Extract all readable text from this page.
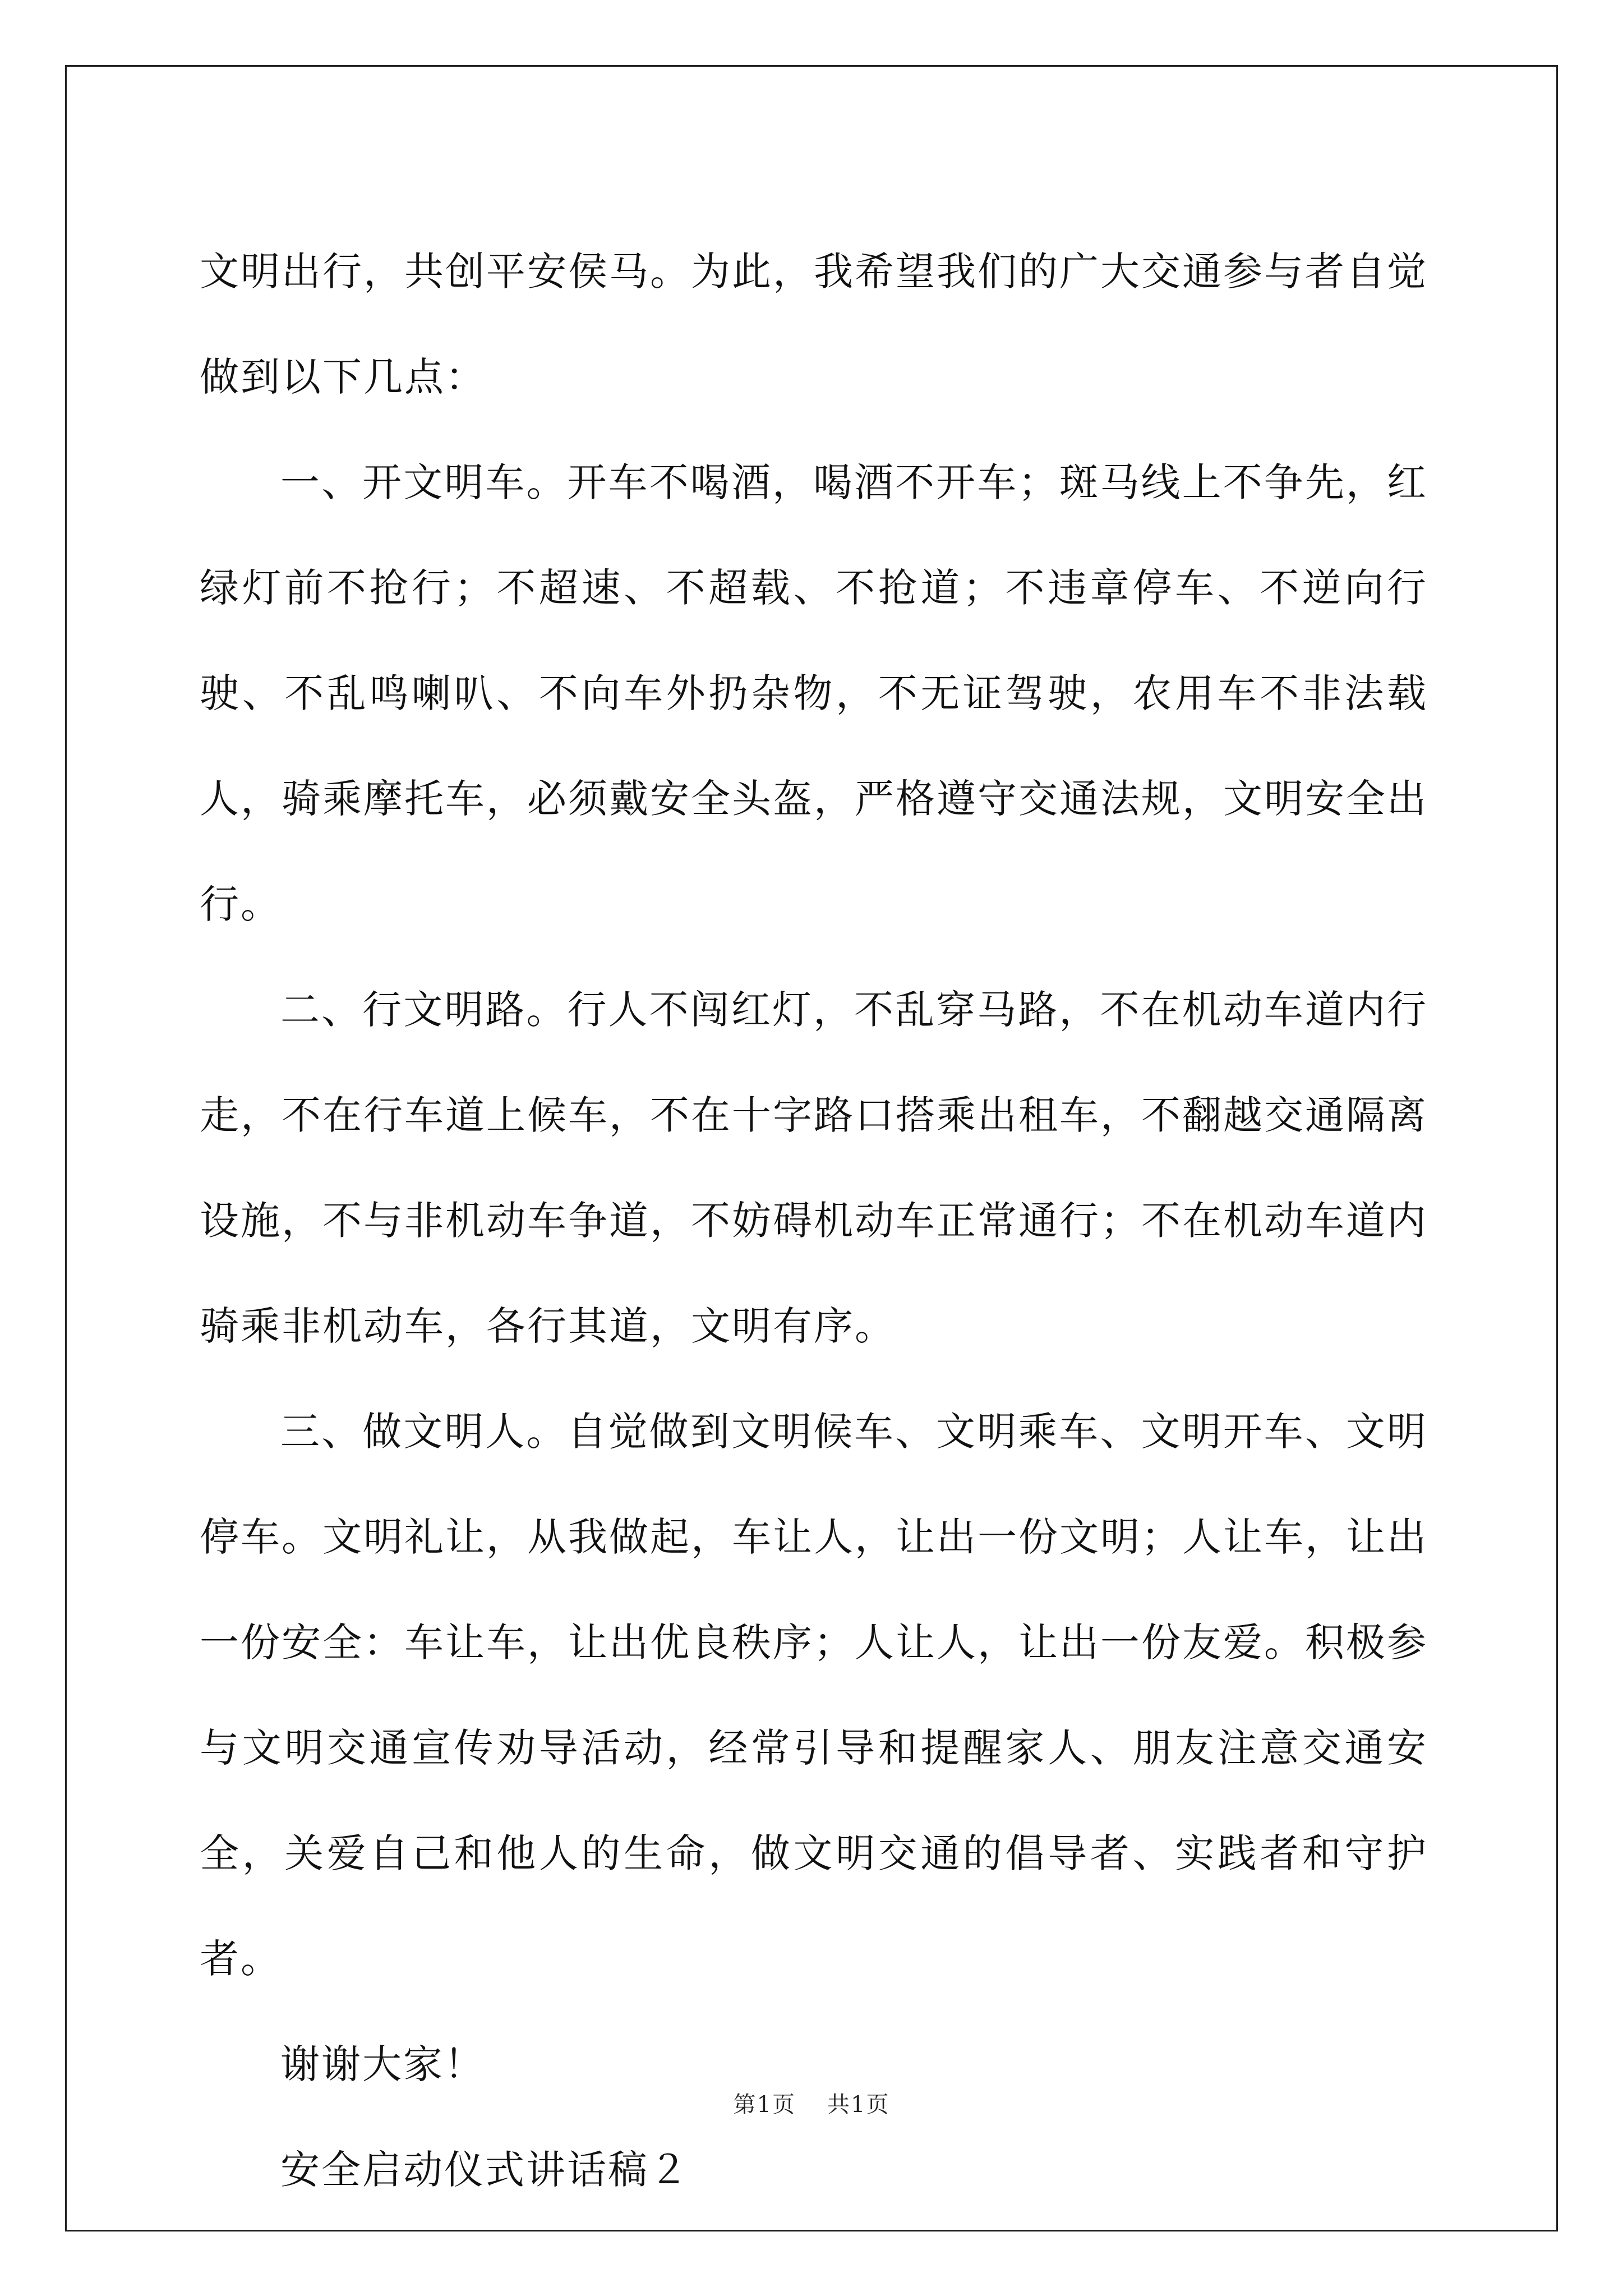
文明出行，共创平安侯马。为此，我希望我们的广大交通参与者自觉做到以下几点：

一、开文明车。开车不喝酒，喝酒不开车；斑马线上不争先，红绿灯前不抢行；不超速、不超载、不抢道；不违章停车、不逆向行驶、不乱鸣喇叭、不向车外扔杂物，不无证驾驶，农用车不非法载人，骑乘摩托车，必须戴安全头盔，严格遵守交通法规，文明安全出行。

二、行文明路。行人不闯红灯，不乱穿马路，不在机动车道内行走，不在行车道上候车，不在十字路口搭乘出租车，不翻越交通隔离设施，不与非机动车争道，不妨碍机动车正常通行；不在机动车道内骑乘非机动车，各行其道，文明有序。

三、做文明人。自觉做到文明候车、文明乘车、文明开车、文明停车。文明礼让，从我做起，车让人，让出一份文明；人让车，让出一份安全：车让车，让出优良秩序；人让人，让出一份友爱。积极参与文明交通宣传劝导活动，经常引导和提醒家人、朋友注意交通安全，关爱自己和他人的生命，做文明交通的倡导者、实践者和守护者。

谢谢大家！

安全启动仪式讲话稿２

第1页 共1页
